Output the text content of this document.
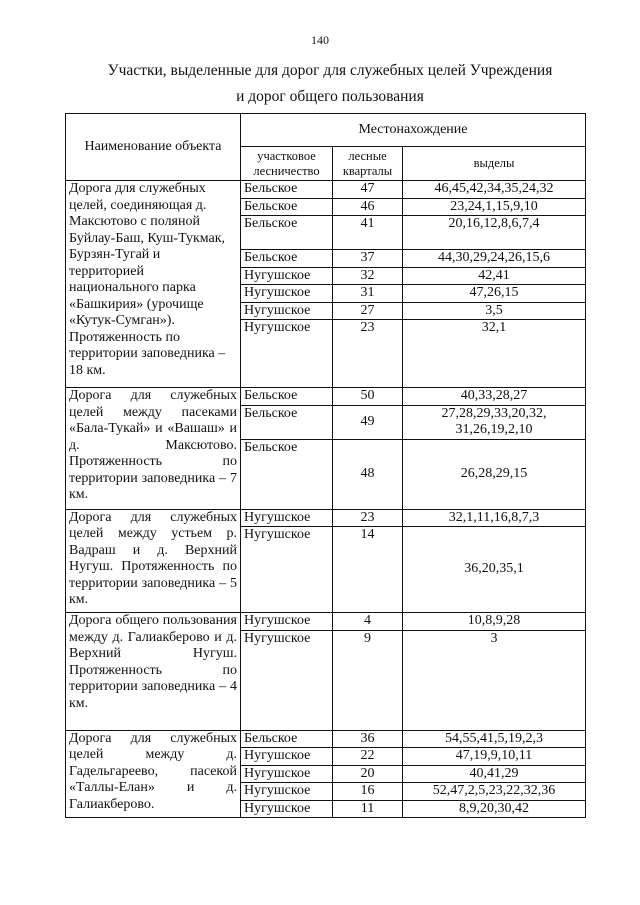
140
Участки, выделенные для дорог для служебных целей Учреждения
и дорог общего пользования
Наименование объекта	Местонахождение		
	участковое лесничество	лесные кварталы	выделы
Дорога для служебных целей, соединяющая д. Максютово с поляной Буйлау-Баш, Куш-Тукмак, Бурзян-Тугай и территорией национального парка «Башкирия» (урочище «Кутук-Сумган»). Протяженность по территории заповедника – 18 км.	Бельское	47	46,45,42,34,35,24,32
	Бельское	46	23,24,1,15,9,10
	Бельское	41	20,16,12,8,6,7,4
	Бельское	37	44,30,29,24,26,15,6
	Нугушское	32	42,41
	Нугушское	31	47,26,15
	Нугушское	27	3,5
	Нугушское	23	32,1
Дорога для служебных целей между пасеками «Бала-Тукай» и «Вашаш» и д. Максютово. Протяженность по территории заповедника – 7 км.	Бельское	50	40,33,28,27
	Бельское	49	27,28,29,33,20,32, 31,26,19,2,10
	Бельское	48	26,28,29,15
Дорога для служебных целей между устьем р. Вадраш и д. Верхний Нугуш. Протяженность по территории заповедника – 5 км.	Нугушское	23	32,1,11,16,8,7,3
	Нугушское	14	36,20,35,1
Дорога общего пользования между д. Галиакберово и д. Верхний Нугуш. Протяженность по территории заповедника – 4 км.	Нугушское	4	10,8,9,28
	Нугушское	9	3
Дорога для служебных целей между д. Гадельгареево, пасекой «Таллы-Елан» и д. Галиакберово.	Бельское	36	54,55,41,5,19,2,3
	Нугушское	22	47,19,9,10,11
	Нугушское	20	40,41,29
	Нугушское	16	52,47,2,5,23,22,32,36
	Нугушское	11	8,9,20,30,42
